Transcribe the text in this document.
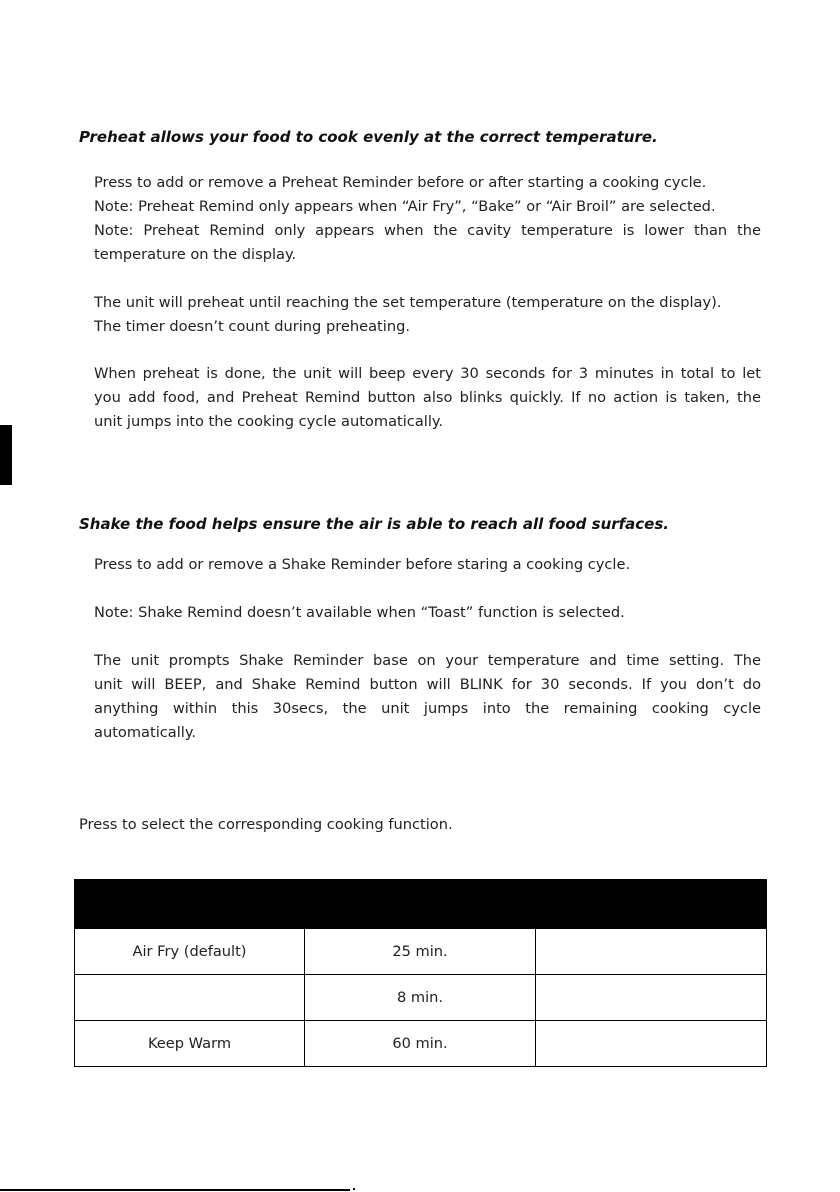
Preheat allows your food to cook evenly at the correct temperature.
Press to add or remove a Preheat Reminder before or after starting a cooking cycle.
Note: Preheat Remind only appears when “Air Fry”, “Bake” or “Air Broil” are selected.
Note: Preheat Remind only appears when the cavity temperature is lower than the
temperature on the display.
The unit will preheat until reaching the set temperature (temperature on the display).
The timer doesn’t count during preheating.
When preheat is done, the unit will beep every 30 seconds for 3 minutes in total to let
you add food, and Preheat Remind button also blinks quickly. If no action is taken, the
unit jumps into the cooking cycle automatically.
Shake the food helps ensure the air is able to reach all food surfaces.
Press to add or remove a Shake Reminder before staring a cooking cycle.
Note: Shake Remind doesn’t available when “Toast” function is selected.
The unit prompts Shake Reminder base on your temperature and time setting. The
unit will BEEP, and Shake Remind button will BLINK for 30 seconds. If you don’t do
anything within this 30secs, the unit jumps into the remaining cooking cycle
automatically.
Press to select the corresponding cooking function.

Air Fry (default)	25 min.	
	8 min.	
Keep Warm	60 min.	
